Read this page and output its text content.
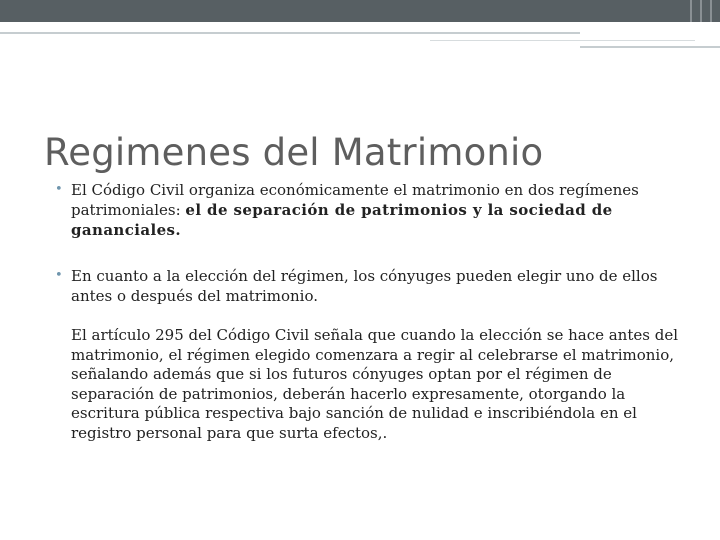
Regimenes del Matrimonio
• El Código Civil organiza económicamente el matrimonio en dos regímenes patrimoniales: el de separación de patrimonios y la sociedad de gananciales.
• En cuanto a la elección del régimen, los cónyuges pueden elegir uno de ellos antes o después del matrimonio.
El artículo 295 del Código Civil señala que cuando la elección se hace antes del matrimonio, el régimen elegido comenzara a regir al celebrarse el matrimonio, señalando además que si los futuros cónyuges optan por el régimen de separación de patrimonios, deberán hacerlo expresamente, otorgando la escritura pública respectiva bajo sanción de nulidad e inscribiéndola en el registro personal para que surta efectos,.
